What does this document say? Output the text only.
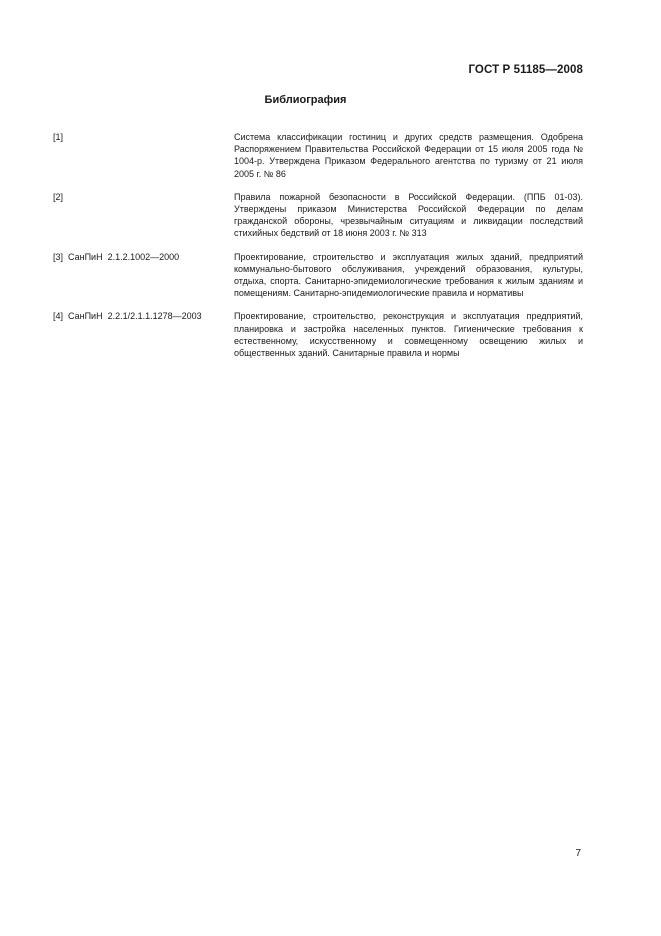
ГОСТ Р 51185—2008
Библиография
[1]	Система классификации гостиниц и других средств размещения. Одобрена Распоряжением Правительства Российской Федерации от 15 июля 2005 года № 1004-р. Утверждена Приказом Федерального агентства по туризму от 21 июля 2005 г. № 86
[2]	Правила пожарной безопасности в Российской Федерации. (ППБ 01-03). Утверждены приказом Министерства Российской Федерации по делам гражданской обороны, чрезвычайным ситуациям и ликвидации последствий стихийных бедствий от 18 июня 2003 г. № 313
[3]  СанПиН  2.1.2.1002—2000	Проектирование, строительство и эксплуатация жилых зданий, предприятий коммунально-бытового обслуживания, учреждений образования, культуры, отдыха, спорта. Санитарно-эпидемиологические требования к жилым зданиям и помещениям. Санитарно-эпидемиологические правила и нормативы
[4]  СанПиН  2.2.1/2.1.1.1278—2003	Проектирование, строительство, реконструкция и эксплуатация предприятий, планировка и застройка населенных пунктов. Гигиенические требования к естественному, искусственному и совмещенному освещению жилых и общественных зданий. Санитарные правила и нормы
7
